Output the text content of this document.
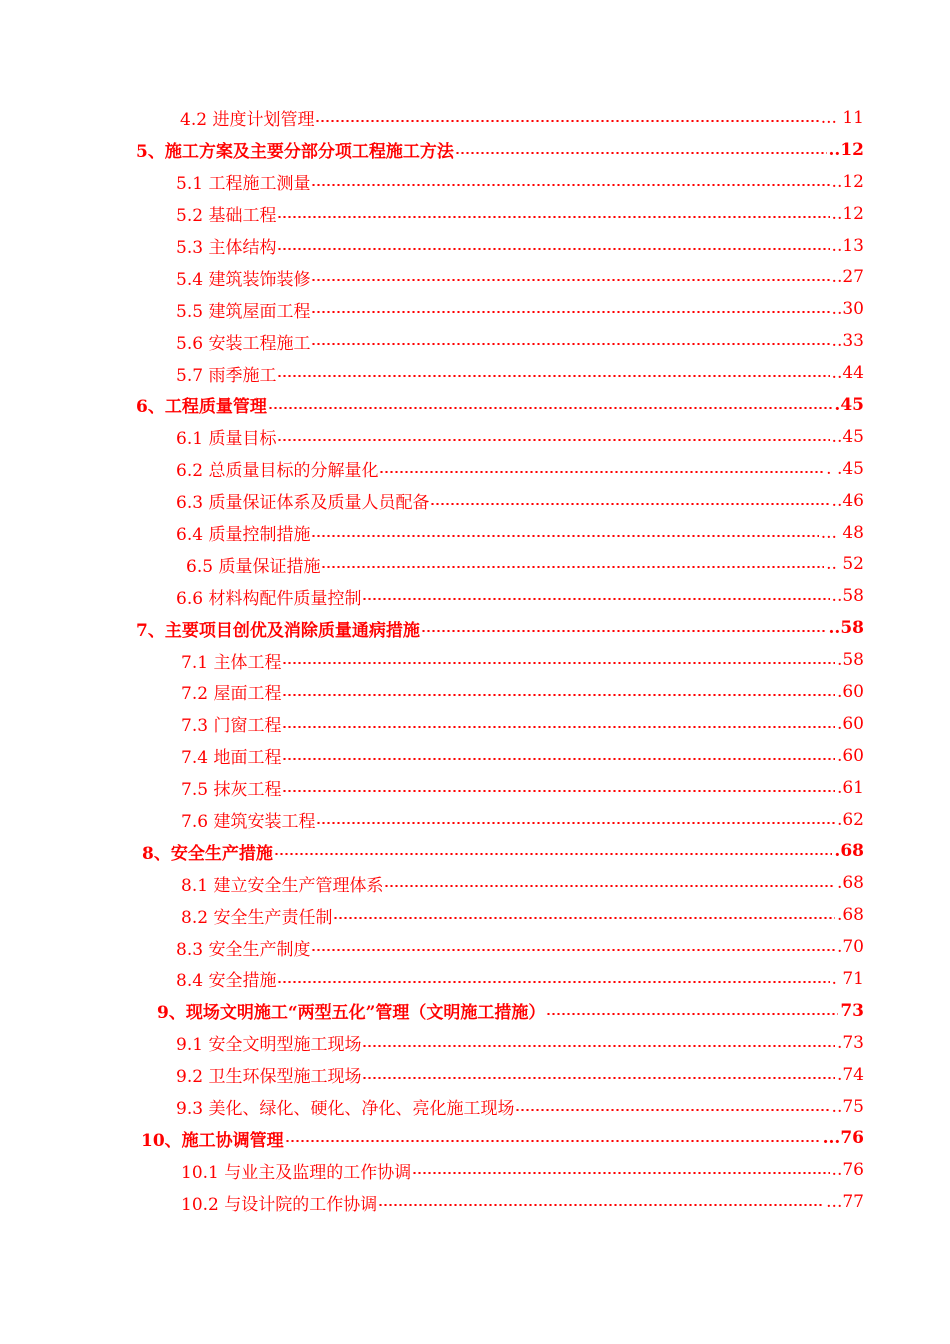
4.2 进度计划管理	... 11
5、施工方案及主要分部分项工程施工方法	..12
5.1 工程施工测量	..12
5.2 基础工程	..12
5.3 主体结构	..13
5.4 建筑装饰装修	..27
5.5 建筑屋面工程	..30
5.6 安装工程施工	..33
5.7 雨季施工	..44
6、工程质量管理	.45
6.1 质量目标	..45
6.2 总质量目标的分解量化	. .45
6.3 质量保证体系及质量人员配备	..46
6.4 质量控制措施	... 48
6.5 质量保证措施	.. 52
6.6 材料构配件质量控制	..58
7、主要项目创优及消除质量通病措施	..58
7.1 主体工程	.58
7.2 屋面工程	.60
7.3 门窗工程	.60
7.4 地面工程	.60
7.5 抹灰工程	.61
7.6 建筑安装工程	.62
8、安全生产措施	.68
8.1 建立安全生产管理体系	.68
8.2 安全生产责任制	.68
8.3 安全生产制度	.70
8.4 安全措施	. 71
9、现场文明施工“两型五化”管理（文明施工措施）	73
9.1 安全文明型施工现场	.73
9.2 卫生环保型施工现场	.74
9.3 美化、绿化、硬化、净化、亮化施工现场	..75
10、施工协调管理	...76
10.1 与业主及监理的工作协调	..76
10.2 与设计院的工作协调	...77
